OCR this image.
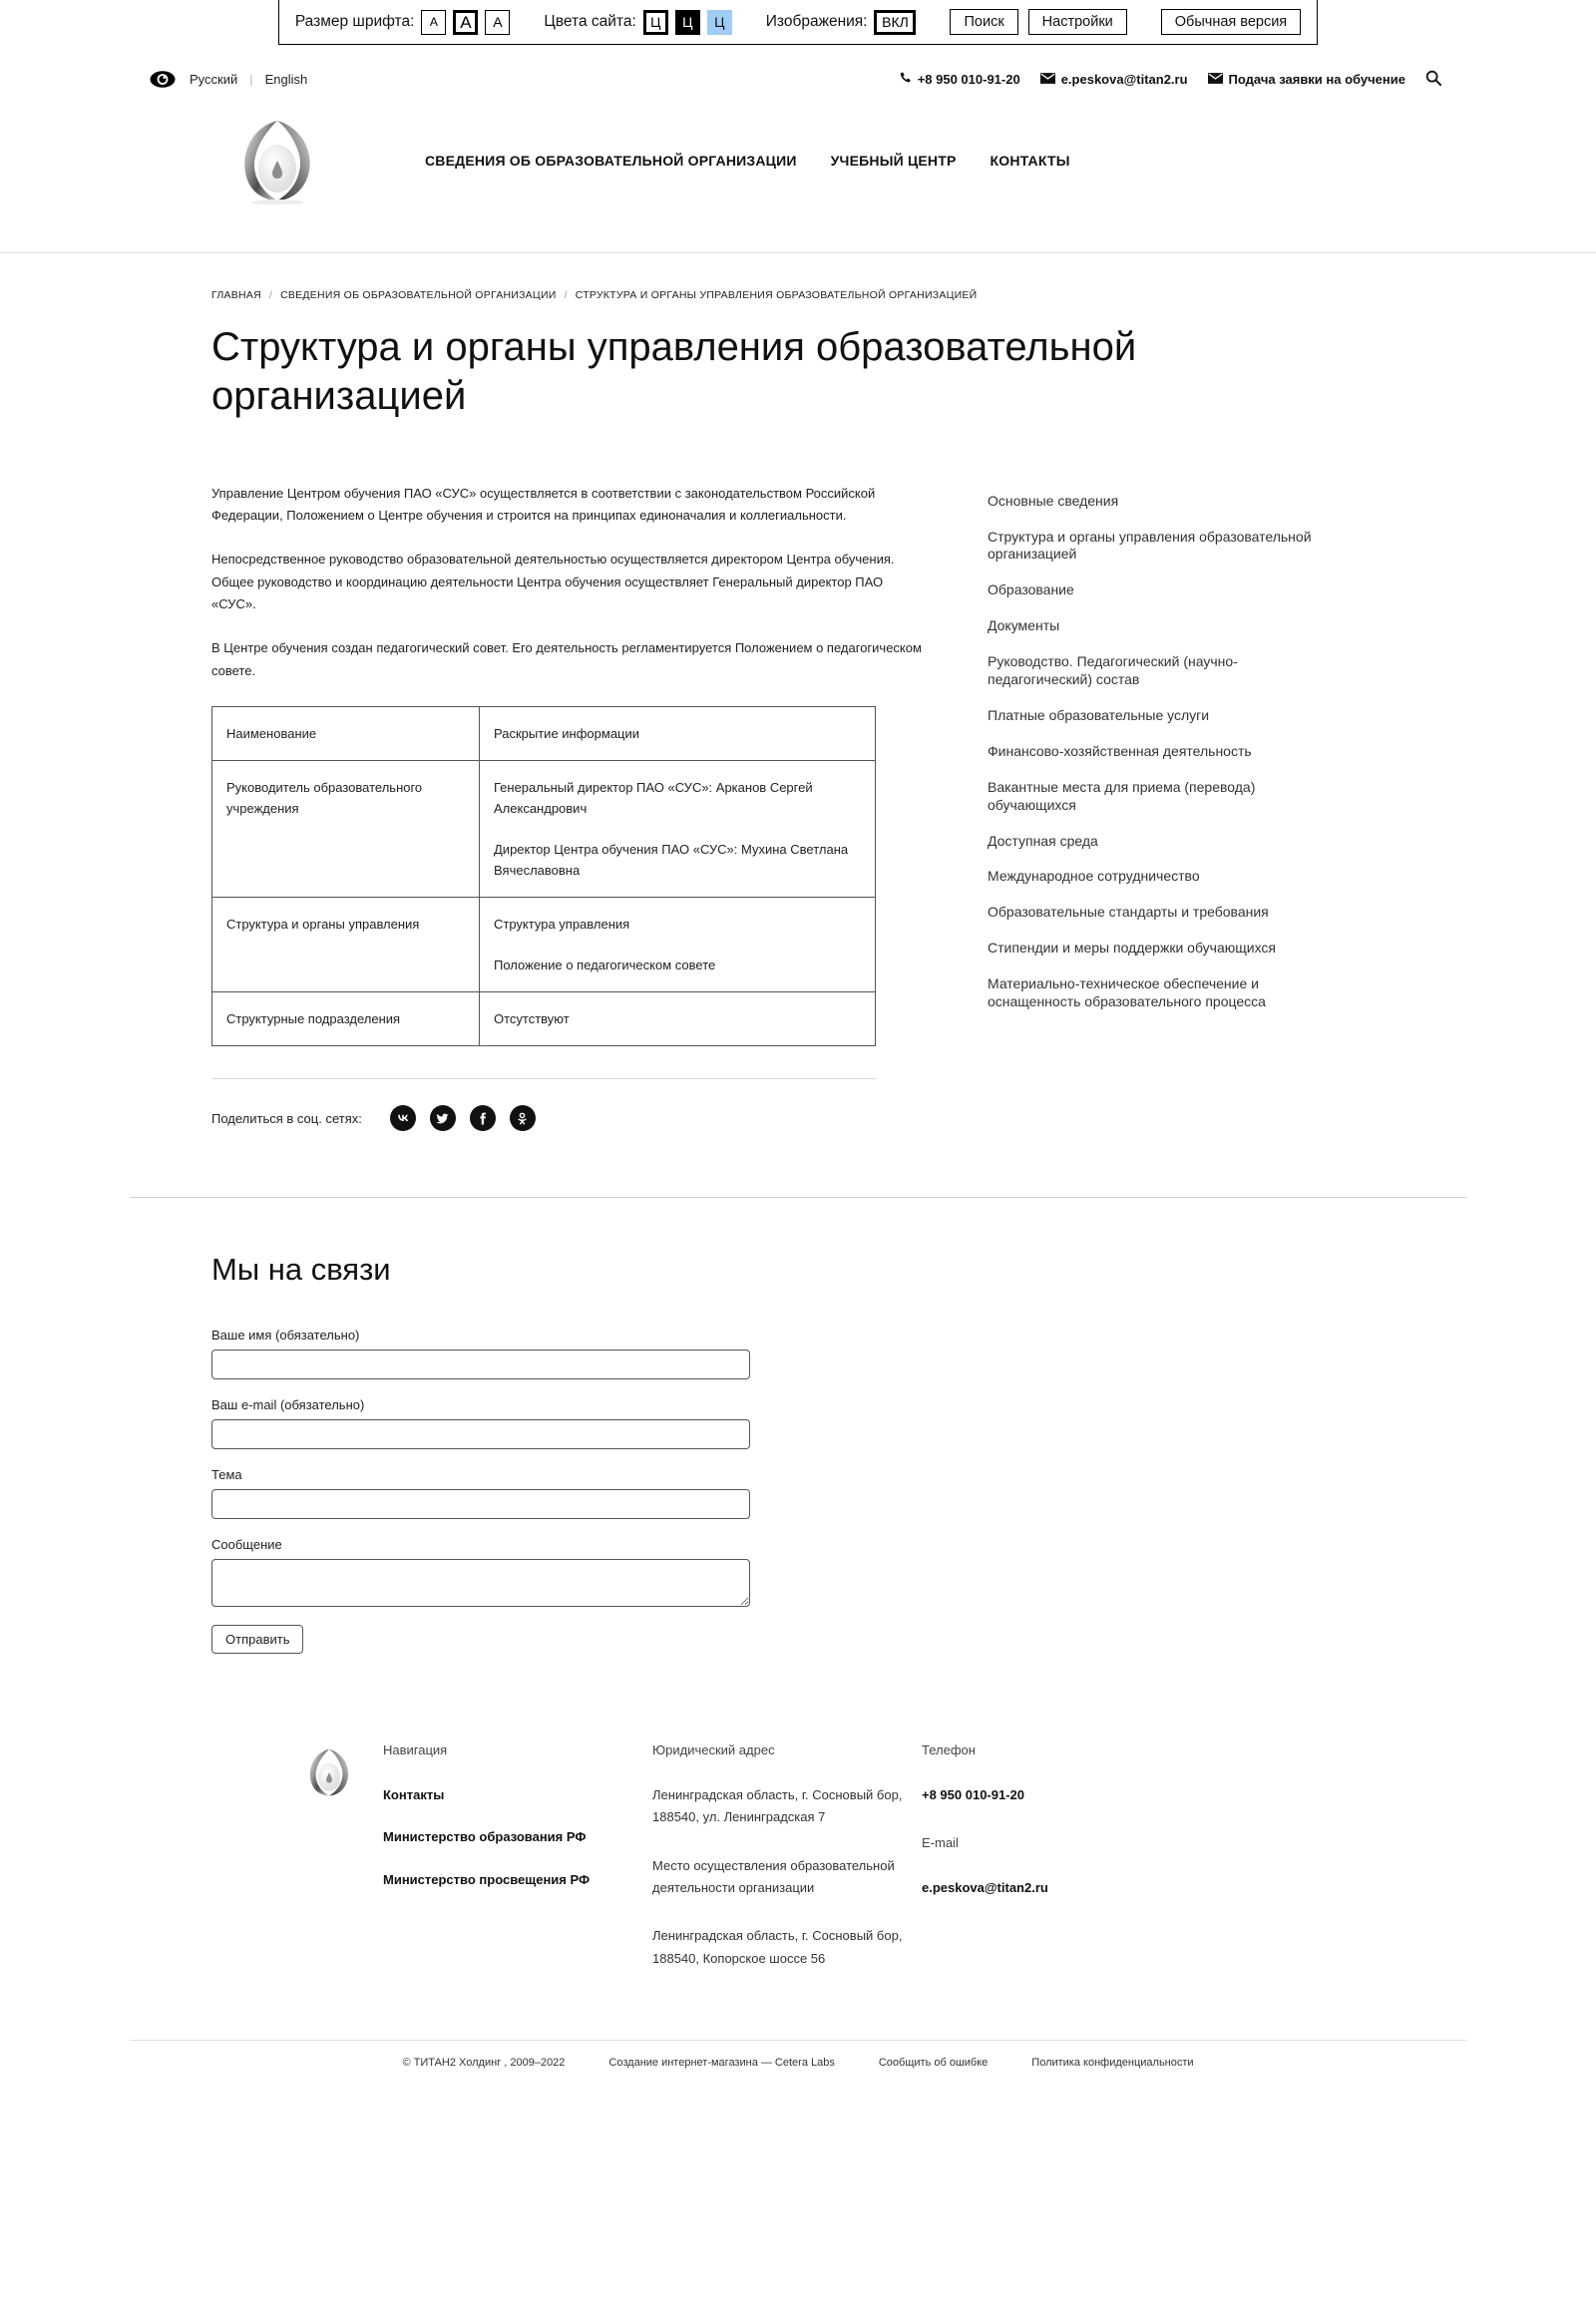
Размер шрифта:	А	А	А	Цвета сайта:	Ц	Ц	Ц	Изображения:	ВКЛ	Поиск	Настройки	Обычная версия
Русский | English	+8 950 010-91-20	e.peskova@titan2.ru	Подача заявки на обучение
СВЕДЕНИЯ ОБ ОБРАЗОВАТЕЛЬНОЙ ОРГАНИЗАЦИИ УЧЕБНЫЙ ЦЕНТР КОНТАКТЫ
ГЛАВНАЯ / СВЕДЕНИЯ ОБ ОБРАЗОВАТЕЛЬНОЙ ОРГАНИЗАЦИИ / СТРУКТУРА И ОРГАНЫ УПРАВЛЕНИЯ ОБРАЗОВАТЕЛЬНОЙ ОРГАНИЗАЦИЕЙ
Структура и органы управления образовательной организацией

Управление Центром обучения ПАО «СУС» осуществляется в соответствии с законодательством Российской Федерации, Положением о Центре обучения и строится на принципах единоначалия и коллегиальности.

Непосредственное руководство образовательной деятельностью осуществляется директором Центра обучения. Общее руководство и координацию деятельности Центра обучения осуществляет Генеральный директор ПАО «СУС».

В Центре обучения создан педагогический совет. Его деятельность регламентируется Положением о педагогическом совете.

Наименование	Раскрытие информации
Руководитель образовательного учреждения	Генеральный директор ПАО «СУС»: Арканов Сергей Александрович

Директор Центра обучения ПАО «СУС»: Мухина Светлана Вячеславовна

Структура и органы управления	Структура управления

Положение о педагогическом совете

Структурные подразделения	Отсутствуют

Поделиться в соц. сетях:
Основные сведения
Структура и органы управления образовательной организацией
Образование
Документы
Руководство. Педагогический (научно-педагогический) состав
Платные образовательные услуги
Финансово-хозяйственная деятельность
Вакантные места для приема (перевода) обучающихся
Доступная среда
Международное сотрудничество
Образовательные стандарты и требования
Стипендии и меры поддержки обучающихся
Материально-техническое обеспечение и оснащенность образовательного процесса
Мы на связи
Ваше имя (обязательно)
Ваш e-mail (обязательно)
Тема
Сообщение
Отправить
Навигация
Контакты
Министерство образования РФ
Министерство просвещения РФ
Юридический адрес
Ленинградская область, г. Сосновый бор, 188540, ул. Ленинградская 7
Место осуществления образовательной деятельности организации
Ленинградская область, г. Сосновый бор, 188540, Копорское шоссе 56
Телефон
+8 950 010-91-20
E-mail
e.peskova@titan2.ru
© ТИТАН2 Холдинг , 2009–2022	Создание интернет-магазина — Cetera Labs	Сообщить об ошибке	Политика конфиденциальности
